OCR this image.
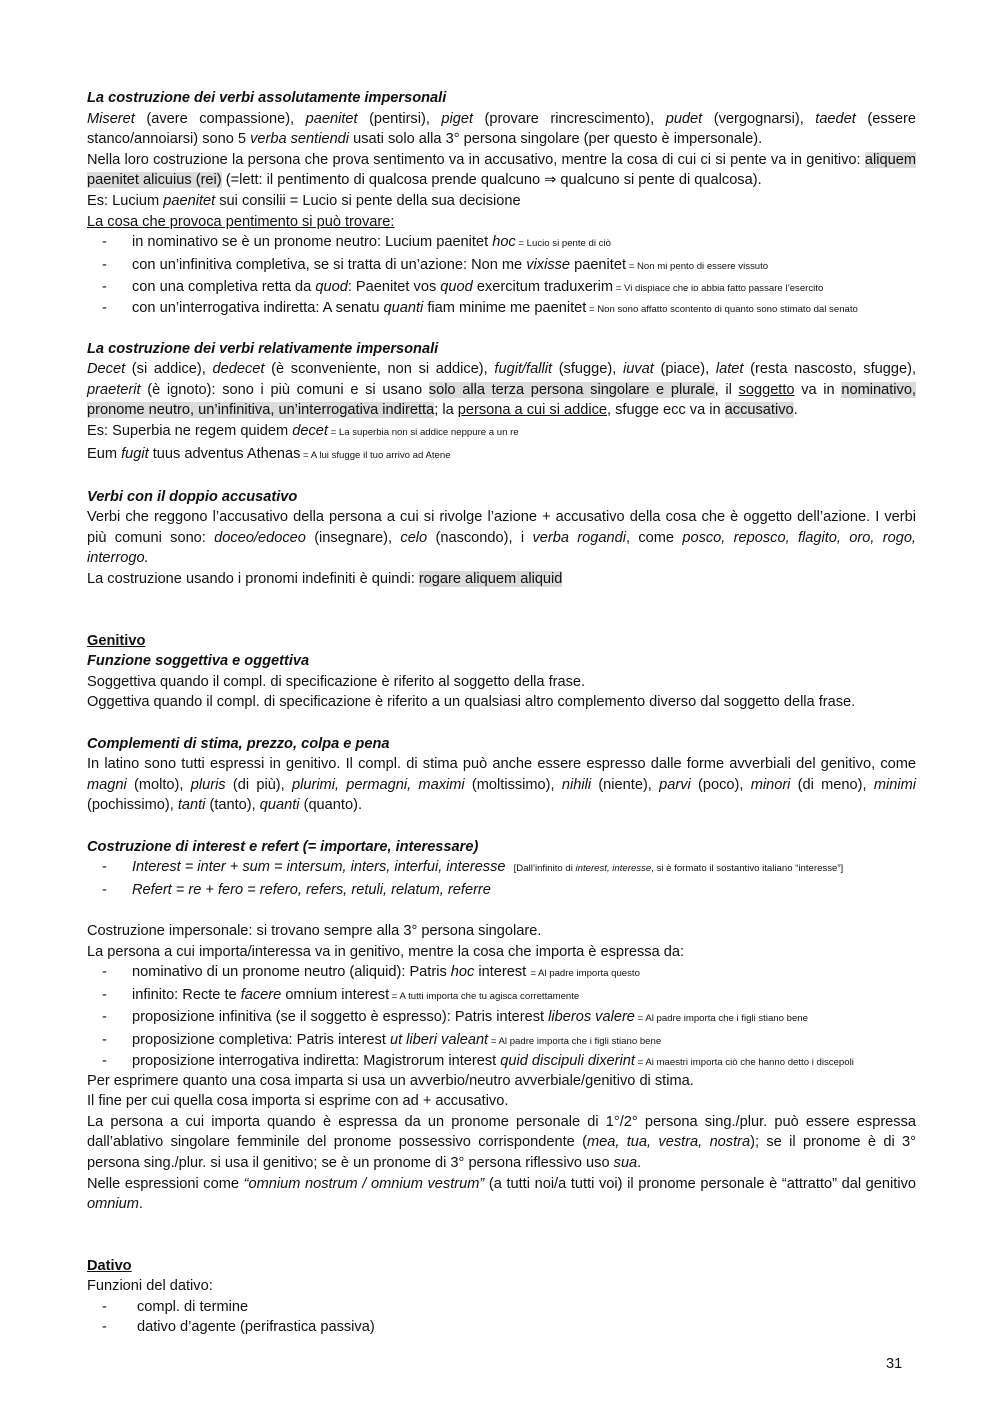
La costruzione dei verbi assolutamente impersonali

Miseret (avere compassione), paenitet (pentirsi), piget (provare rincrescimento), pudet (vergognarsi), taedet (essere stanco/annoiarsi) sono 5 verba sentiendi usati solo alla 3° persona singolare (per questo è impersonale).

Nella loro costruzione la persona che prova sentimento va in accusativo, mentre la cosa di cui ci si pente va in genitivo: aliquem paenitet alicuius (rei) (=lett: il pentimento di qualcosa prende qualcuno ⇒ qualcuno si pente di qualcosa).

Es: Lucium paenitet sui consilii = Lucio si pente della sua decisione

La cosa che provoca pentimento si può trovare:

- in nominativo se è un pronome neutro: Lucium paenitet hoc = Lucio si pente di ciò
- con un’infinitiva completiva, se si tratta di un’azione: Non me vixisse paenitet = Non mi pento di essere vissuto
- con una completiva retta da quod: Paenitet vos quod exercitum traduxerim = Vi dispiace che io abbia fatto passare l’esercito
- con un’interrogativa indiretta: A senatu quanti fiam minime me paenitet = Non sono affatto scontento di quanto sono stimato dal senato

La costruzione dei verbi relativamente impersonali

Decet (si addice), dedecet (è sconveniente, non si addice), fugit/fallit (sfugge), iuvat (piace), latet (resta nascosto, sfugge), praeterit (è ignoto): sono i più comuni e si usano solo alla terza persona singolare e plurale, il soggetto va in nominativo, pronome neutro, un’infinitiva, un’interrogativa indiretta; la persona a cui si addice, sfugge ecc va in accusativo.

Es: Superbia ne regem quidem decet = La superbia non si addice neppure a un re

Eum fugit tuus adventus Athenas = A lui sfugge il tuo arrivo ad Atene

Verbi con il doppio accusativo

Verbi che reggono l’accusativo della persona a cui si rivolge l’azione + accusativo della cosa che è oggetto dell’azione. I verbi più comuni sono: doceo/edoceo (insegnare), celo (nascondo), i verba rogandi, come posco, reposco, flagito, oro, rogo, interrogo.

La costruzione usando i pronomi indefiniti è quindi: rogare aliquem aliquid

Genitivo

Funzione soggettiva e oggettiva

Soggettiva quando il compl. di specificazione è riferito al soggetto della frase.

Oggettiva quando il compl. di specificazione è riferito a un qualsiasi altro complemento diverso dal soggetto della frase.

Complementi di stima, prezzo, colpa e pena

In latino sono tutti espressi in genitivo. Il compl. di stima può anche essere espresso dalle forme avverbiali del genitivo, come magni (molto), pluris (di più), plurimi, permagni, maximi (moltissimo), nihili (niente), parvi (poco), minori (di meno), minimi (pochissimo), tanti (tanto), quanti (quanto).

Costruzione di interest e refert (= importare, interessare)

- Interest = inter + sum = intersum, inters, interfui, interesse [Dall’infinito di interest, interesse, si è formato il sostantivo italiano “interesse”]
- Refert = re + fero = refero, refers, retuli, relatum, referre

Costruzione impersonale: si trovano sempre alla 3° persona singolare.

La persona a cui importa/interessa va in genitivo, mentre la cosa che importa è espressa da:

- nominativo di un pronome neutro (aliquid): Patris hoc interest = Al padre importa questo
- infinito: Recte te facere omnium interest = A tutti importa che tu agisca correttamente
- proposizione infinitiva (se il soggetto è espresso): Patris interest liberos valere = Al padre importa che i figli stiano bene
- proposizione completiva: Patris interest ut liberi valeant = Al padre importa che i figli stiano bene
- proposizione interrogativa indiretta: Magistrorum interest quid discipuli dixerint = Ai maestri importa ciò che hanno detto i discepoli

Per esprimere quanto una cosa imparta si usa un avverbio/neutro avverbiale/genitivo di stima.

Il fine per cui quella cosa importa si esprime con ad + accusativo.

La persona a cui importa quando è espressa da un pronome personale di 1°/2° persona sing./plur. può essere espressa dall’ablativo singolare femminile del pronome possessivo corrispondente (mea, tua, vestra, nostra); se il pronome è di 3° persona sing./plur. si usa il genitivo; se è un pronome di 3° persona riflessivo uso sua.

Nelle espressioni come “omnium nostrum / omnium vestrum” (a tutti noi/a tutti voi) il pronome personale è “attratto” dal genitivo omnium.

Dativo

Funzioni del dativo:

- compl. di termine
- dativo d’agente (perifrastica passiva)
31
